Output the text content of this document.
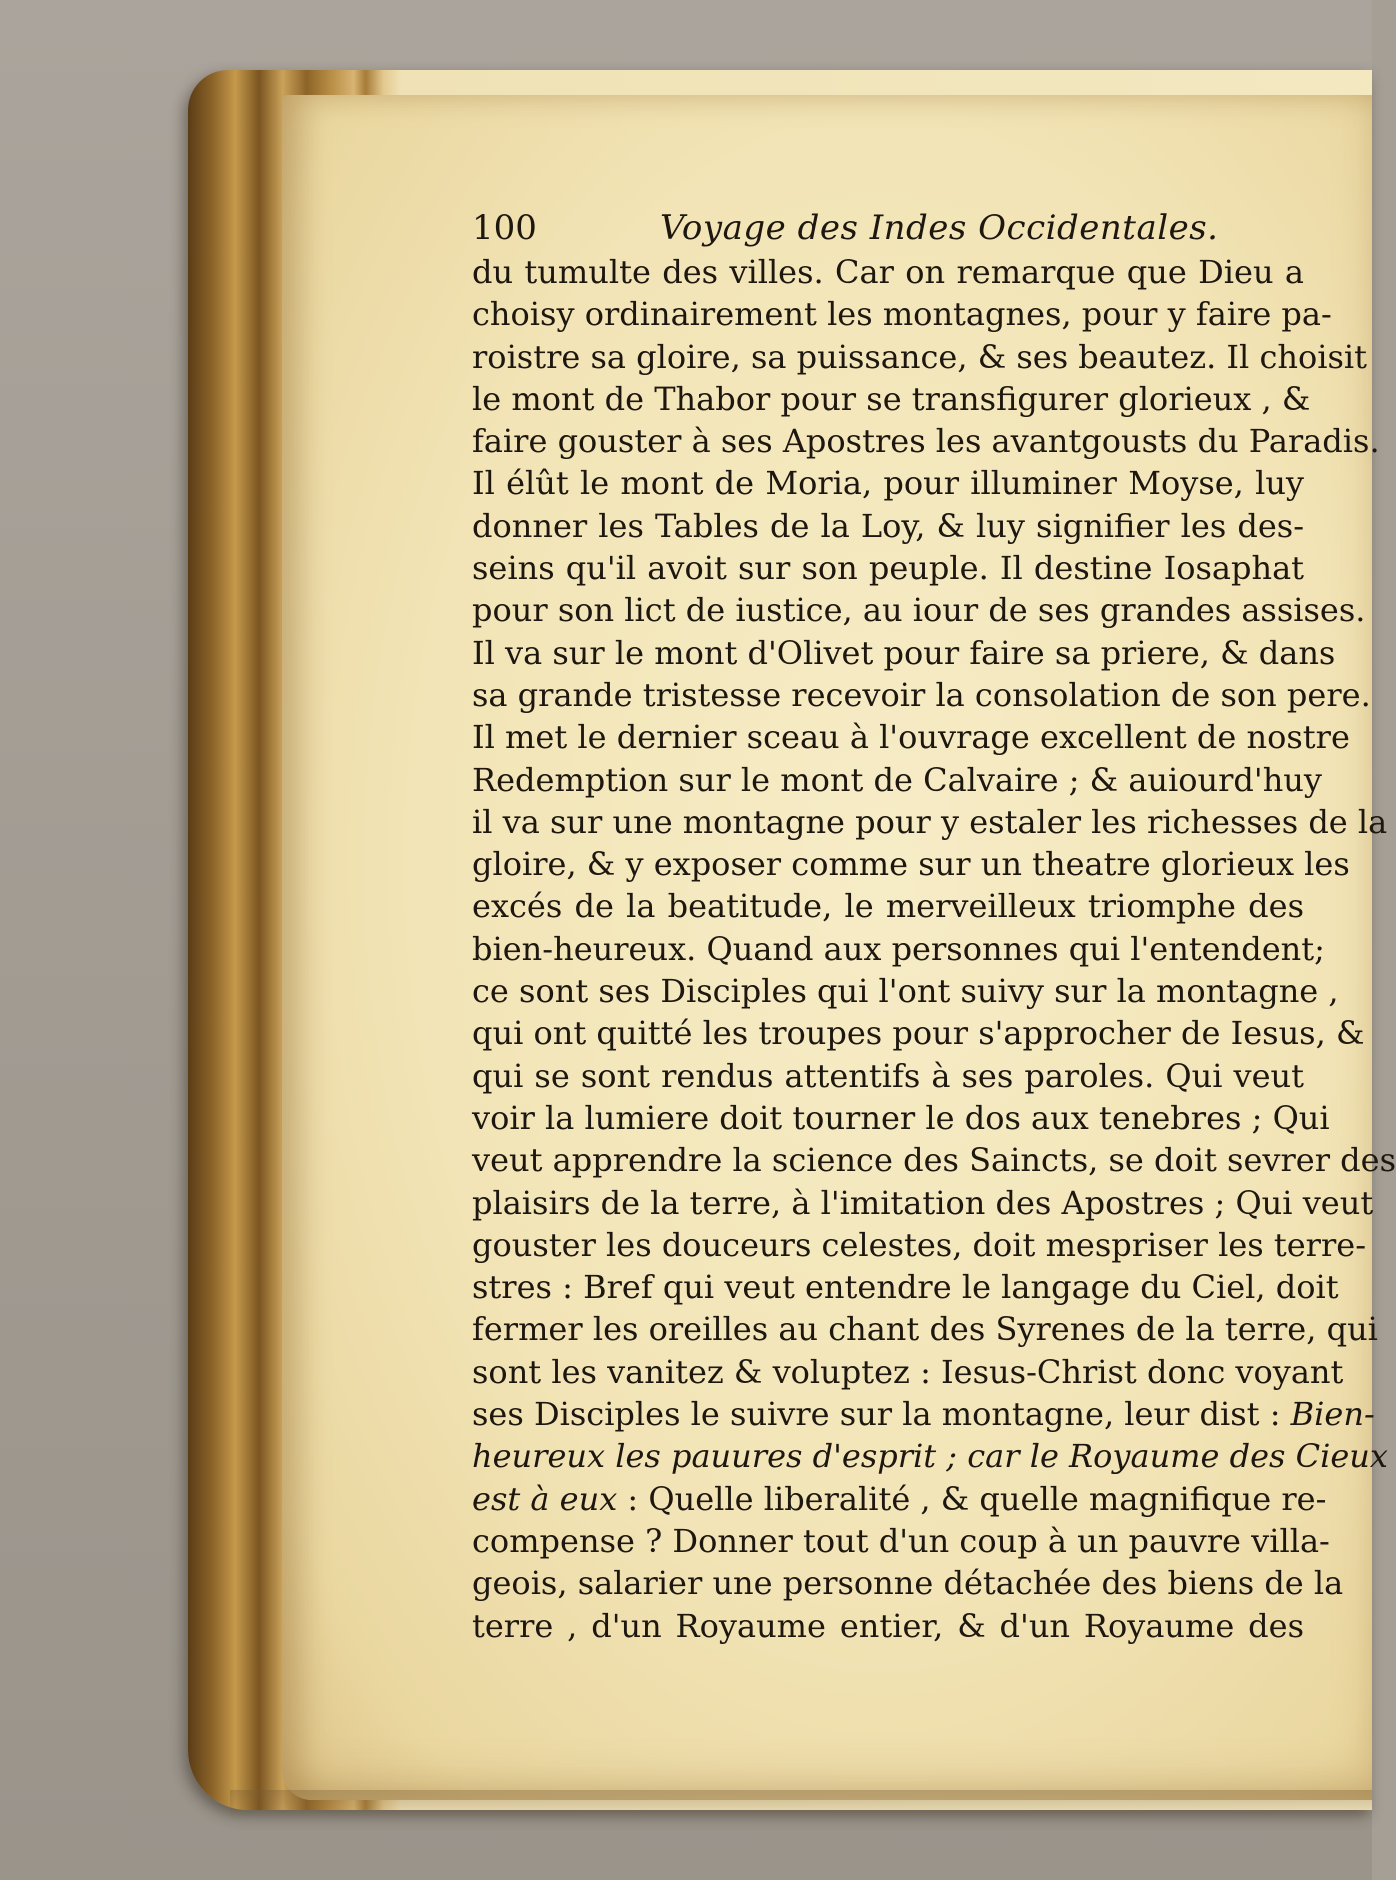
100	Voyage des Indes Occidentales.
du tumulte des villes. Car on remarque que Dieu a
choisy ordinairement les montagnes, pour y faire pa-
roistre sa gloire, sa puissance, & ses beautez. Il choisit
le mont de Thabor pour se transfigurer glorieux , &
faire gouster à ses Apostres les avantgousts du Paradis.
Il élût le mont de Moria, pour illuminer Moyse, luy
donner les Tables de la Loy, & luy signifier les des-
seins qu'il avoit sur son peuple. Il destine Iosaphat
pour son lict de iustice, au iour de ses grandes assises.
Il va sur le mont d'Olivet pour faire sa priere, & dans
sa grande tristesse recevoir la consolation de son pere.
Il met le dernier sceau à l'ouvrage excellent de nostre
Redemption sur le mont de Calvaire ; & auiourd'huy
il va sur une montagne pour y estaler les richesses de la
gloire, & y exposer comme sur un theatre glorieux les
excés de la beatitude, le merveilleux triomphe des
bien-heureux. Quand aux personnes qui l'entendent;
ce sont ses Disciples qui l'ont suivy sur la montagne ,
qui ont quitté les troupes pour s'approcher de Iesus, &
qui se sont rendus attentifs à ses paroles. Qui veut
voir la lumiere doit tourner le dos aux tenebres ; Qui
veut apprendre la science des Saincts, se doit sevrer des
plaisirs de la terre, à l'imitation des Apostres ; Qui veut
gouster les douceurs celestes, doit mespriser les terre-
stres : Bref qui veut entendre le langage du Ciel, doit
fermer les oreilles au chant des Syrenes de la terre, qui
sont les vanitez & voluptez : Iesus-Christ donc voyant
ses Disciples le suivre sur la montagne, leur dist : Bien-
heureux les pauures d'esprit ; car le Royaume des Cieux
est à eux : Quelle liberalité , & quelle magnifique re-
compense ? Donner tout d'un coup à un pauvre villa-
geois, salarier une personne détachée des biens de la
terre , d'un Royaume entier, & d'un Royaume des
